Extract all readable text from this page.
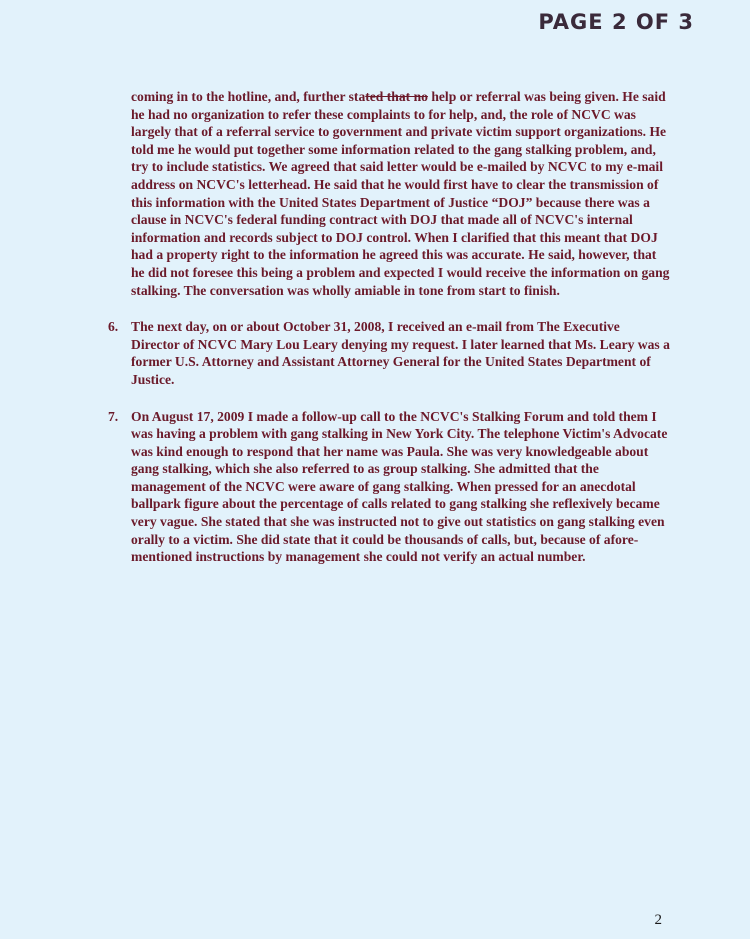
PAGE 2 OF 3

coming in to the hotline, and, further stated that no help or referral was being given. He said he had no organization to refer these complaints to for help, and, the role of NCVC was largely that of a referral service to government and private victim support organizations. He told me he would put together some information related to the gang stalking problem, and, try to include statistics. We agreed that said letter would be e-mailed by NCVC to my e-mail address on NCVC's letterhead. He said that he would first have to clear the transmission of this information with the United States Department of Justice “DOJ” because there was a clause in NCVC's federal funding contract with DOJ that made all of NCVC's internal information and records subject to DOJ control. When I clarified that this meant that DOJ had a property right to the information he agreed this was accurate. He said, however, that he did not foresee this being a problem and expected I would receive the information on gang stalking. The conversation was wholly amiable in tone from start to finish.

6. The next day, on or about October 31, 2008, I received an e-mail from The Executive Director of NCVC Mary Lou Leary denying my request. I later learned that Ms. Leary was a former U.S. Attorney and Assistant Attorney General for the United States Department of Justice.

7. On August 17, 2009 I made a follow-up call to the NCVC's Stalking Forum and told them I was having a problem with gang stalking in New York City. The telephone Victim's Advocate was kind enough to respond that her name was Paula. She was very knowledgeable about gang stalking, which she also referred to as group stalking. She admitted that the management of the NCVC were aware of gang stalking. When pressed for an anecdotal ballpark figure about the percentage of calls related to gang stalking she reflexively became very vague. She stated that she was instructed not to give out statistics on gang stalking even orally to a victim. She did state that it could be thousands of calls, but, because of afore-mentioned instructions by management she could not verify an actual number.

2
